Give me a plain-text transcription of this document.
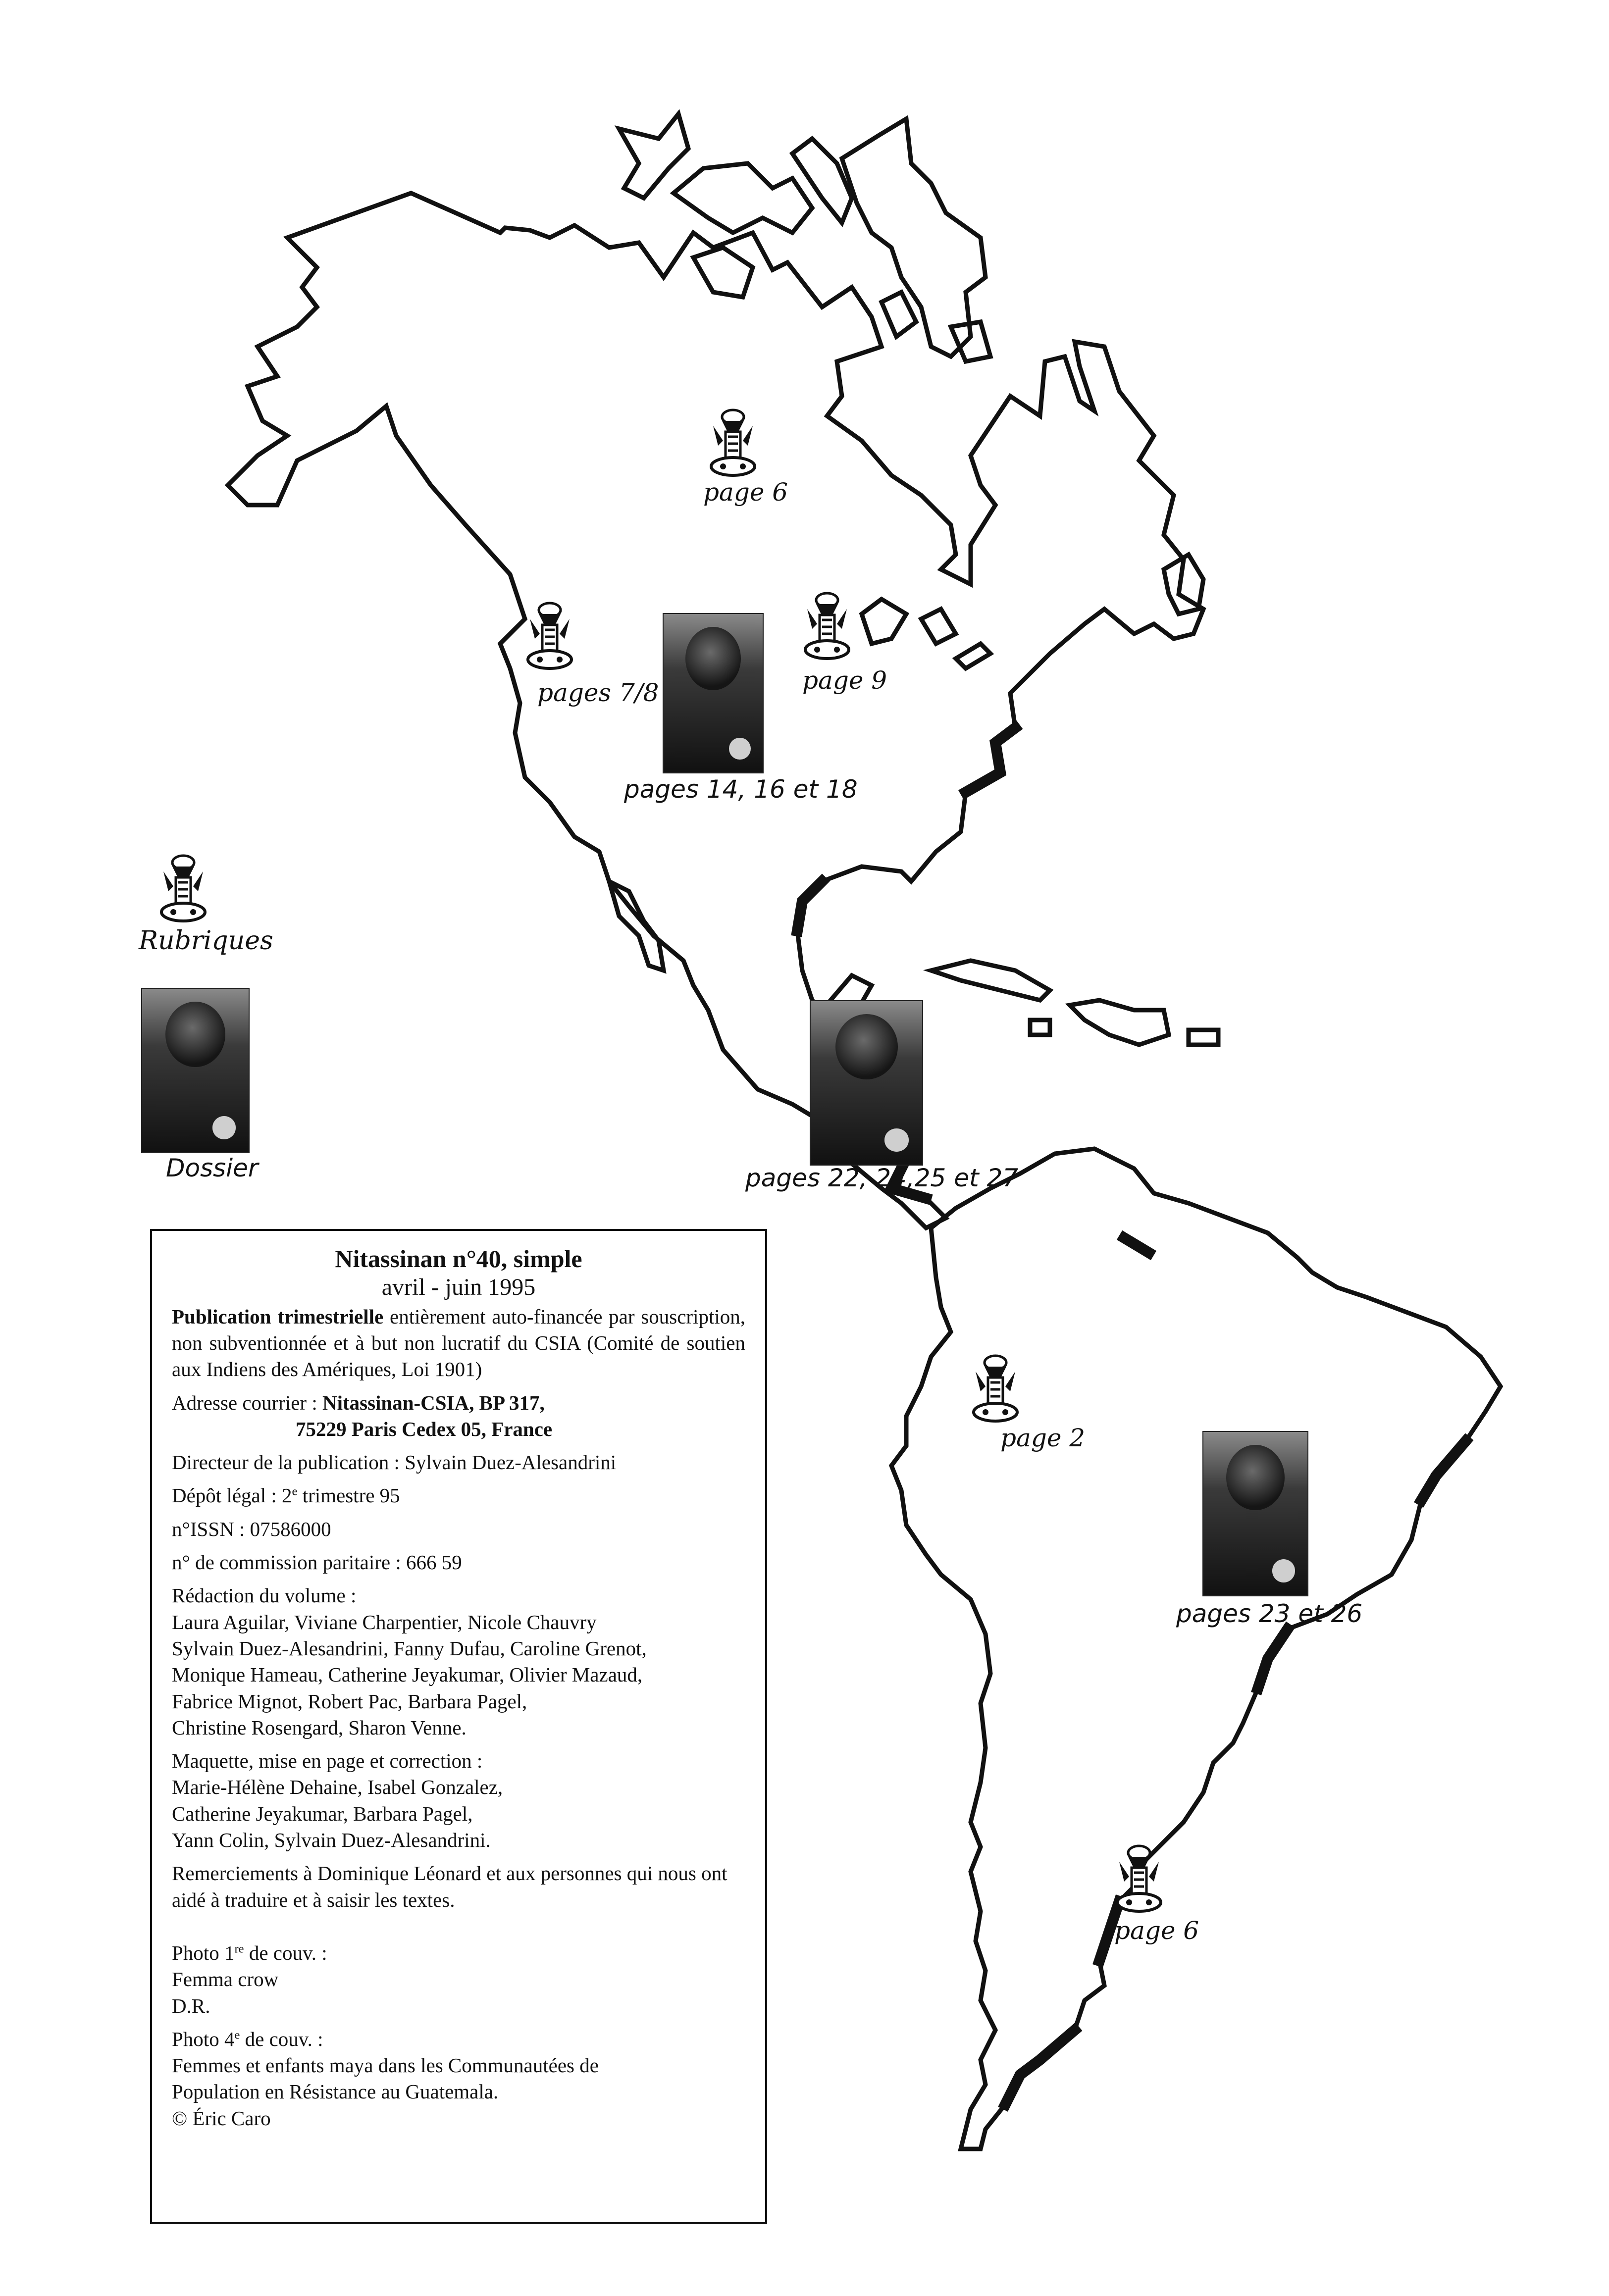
page 6
pages 7/8	page 9
pages 14, 16 et 18
pages 22, 24,25 et 27
page 2
pages 23 et 26
page 6
Rubriques
Dossier
Nitassinan n°40, simple
avril - juin 1995

Publication trimestrielle entièrement auto-financée par souscription, non subventionnée et à but non lucratif du CSIA (Comité de soutien aux Indiens des Amériques, Loi 1901)

Adresse courrier : Nitassinan-CSIA, BP 317,
75229 Paris Cedex 05, France

Directeur de la publication : Sylvain Duez-Alesandrini

Dépôt légal : 2e trimestre 95

n°ISSN : 07586000

n° de commission paritaire : 666 59

Rédaction du volume :
Laura Aguilar, Viviane Charpentier, Nicole Chauvry
Sylvain Duez-Alesandrini, Fanny Dufau, Caroline Grenot,
Monique Hameau, Catherine Jeyakumar, Olivier Mazaud,
Fabrice Mignot, Robert Pac, Barbara Pagel,
Christine Rosengard, Sharon Venne.
Maquette, mise en page et correction :
Marie-Hélène Dehaine, Isabel Gonzalez,
Catherine Jeyakumar, Barbara Pagel,
Yann Colin, Sylvain Duez-Alesandrini.

Remerciements à Dominique Léonard et aux personnes qui nous ont aidé à traduire et à saisir les textes.

Photo 1re de couv. :
Femma crow
D.R.
Photo 4e de couv. :
Femmes et enfants maya dans les Communautées de
Population en Résistance au Guatemala.
© Éric Caro
